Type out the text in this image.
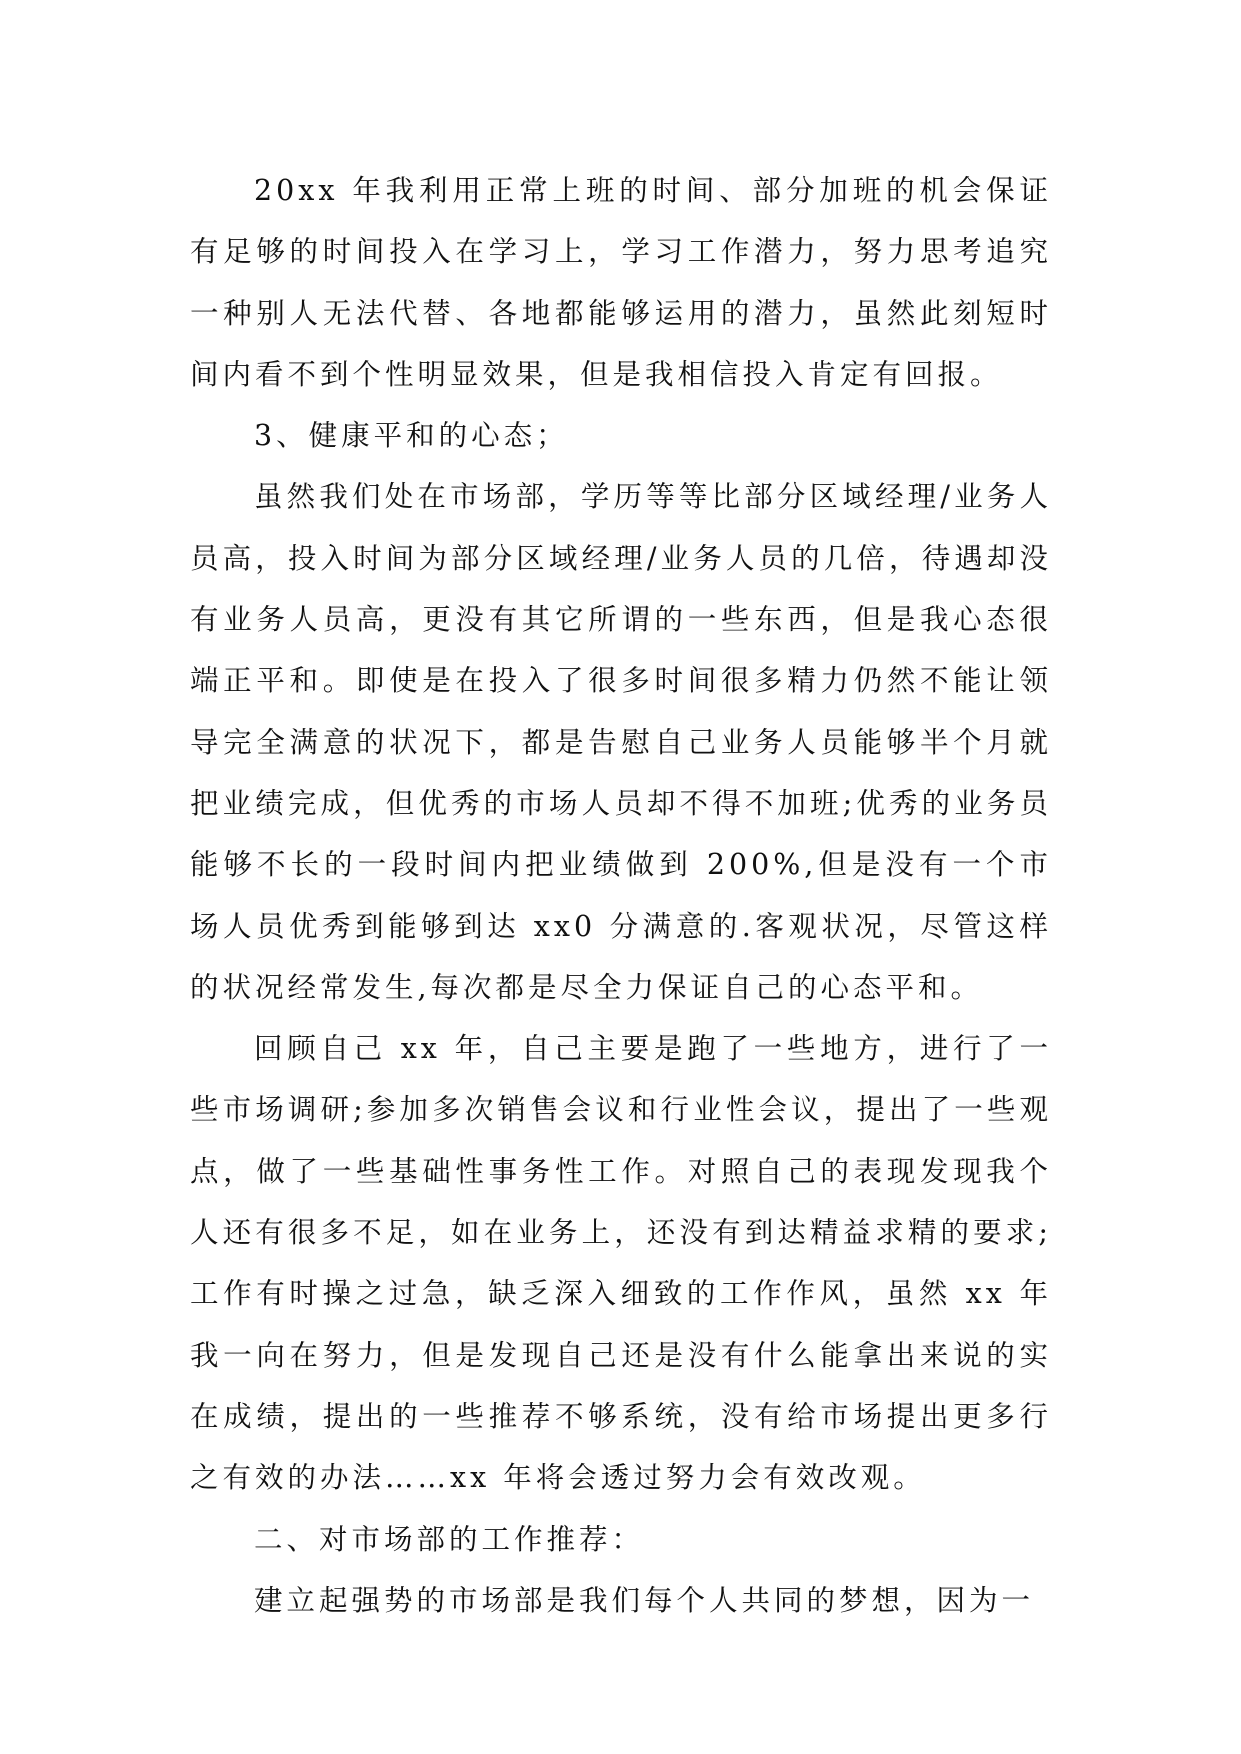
20xx 年我利用正常上班的时间、部分加班的机会保证有足够的时间投入在学习上，学习工作潜力，努力思考追究一种别人无法代替、各地都能够运用的潜力，虽然此刻短时间内看不到个性明显效果，但是我相信投入肯定有回报。

3、健康平和的心态；

虽然我们处在市场部，学历等等比部分区域经理/业务人员高，投入时间为部分区域经理/业务人员的几倍，待遇却没有业务人员高，更没有其它所谓的一些东西，但是我心态很端正平和。即使是在投入了很多时间很多精力仍然不能让领导完全满意的状况下，都是告慰自己业务人员能够半个月就把业绩完成，但优秀的市场人员却不得不加班;优秀的业务员能够不长的一段时间内把业绩做到 200%,但是没有一个市场人员优秀到能够到达 xx0 分满意的.客观状况，尽管这样的状况经常发生,每次都是尽全力保证自己的心态平和。

回顾自己 xx 年，自己主要是跑了一些地方，进行了一些市场调研;参加多次销售会议和行业性会议，提出了一些观点，做了一些基础性事务性工作。对照自己的表现发现我个人还有很多不足，如在业务上，还没有到达精益求精的要求;工作有时操之过急，缺乏深入细致的工作作风，虽然 xx 年我一向在努力，但是发现自己还是没有什么能拿出来说的实在成绩，提出的一些推荐不够系统，没有给市场提出更多行之有效的办法……xx 年将会透过努力会有效改观。

二、对市场部的工作推荐：

建立起强势的市场部是我们每个人共同的梦想，因为一
